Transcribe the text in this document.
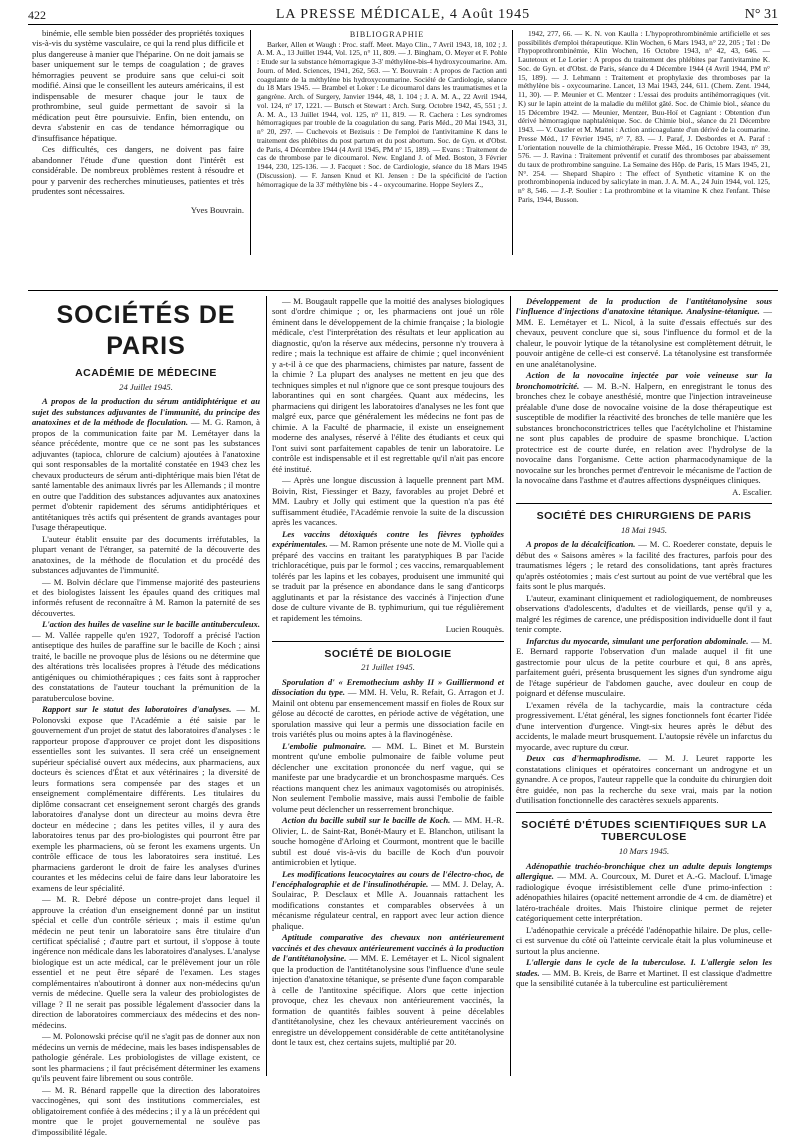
422	LA PRESSE MÉDICALE, 4 Août 1945	N° 31

binémie, elle semble bien posséder des propriétés toxiques vis-à-vis du système vasculaire, ce qui la rend plus difficile et plus dangereuse à manier que l'héparine. On ne doit jamais se baser uniquement sur le temps de coagulation ; de graves hémorragies peuvent se produire sans que celui-ci soit modifié. Ainsi que le conseillent les auteurs américains, il est indispensable de mesurer chaque jour le taux de prothrombine, seul guide permettant de savoir si la médication peut être poursuivie. Enfin, bien entendu, on devra s'abstenir en cas de tendance hémorragique ou d'insuffisance hépatique.

Ces difficultés, ces dangers, ne doivent pas faire abandonner l'étude d'une question dont l'intérêt est considérable. De nombreux problèmes restent à résoudre et pour y parvenir des recherches minutieuses, patientes et très prudentes sont nécessaires.

Yves Bouvrain.

BIBLIOGRAPHIE

Barker, Allen et Waugh : Proc. staff. Meet. Mayo Clin., 7 Avril 1943, 18, 102 ; J. A. M. A., 13 Juillet 1944, Vol. 125, n° 11, 809. — J. Bingham, O. Meyer et F. Pohle : Etude sur la substance hémorragique 3-3' méthylène-bis-4 hydroxycoumarine. Am. Journ. of Med. Sciences, 1941, 262, 563. — Y. Bouvrain : A propos de l'action anti coagulante de la méthylène bis hydroxycoumarine. Société de Cardiologie, séance du 18 Mars 1945. — Brambel et Loker : Le dicoumarol dans les traumatismes et la gangrène. Arch. of Surgery, Janvier 1944, 48, 1. 104 ; J. A. M. A., 22 Avril 1944, vol. 124, n° 17, 1221. — Butsch et Stewart : Arch. Surg. Octobre 1942, 45, 551 ; J. A. M. A., 13 Juillet 1944, vol. 125, n° 11, 819. — R. Cachera : Les syndromes hémorragiques par trouble de la coagulation du sang. Paris Méd., 20 Mai 1943, 31, n° 20, 297. — Cuchevois et Bezisuis : De l'emploi de l'antivitamine K dans le traitement des phlébites du post partum et du post abortum. Soc. de Gyn. et d'Obst. de Paris, 4 Décembre 1944 (4 Avril 1945, PM n° 15, 189). — Evans : Traitement de cas de thrombose par le dicoumarol. New. England J. of Med. Boston, 3 Février 1944, 230, 125-136. — J. Facquet : Soc. de Cardiologie, séance du 18 Mars 1945 (Discussion). — F. Jansen Knud et Kl. Jensen : De la spécificité de l'action hémorragique de la 33' méthylène bis - 4 - oxycoumarine. Hoppe Seylers Z.,

1942, 277, 66. — K. N. von Kaulla : L'hypoprothrombinémie artificielle et ses possibilités d'emploi thérapeutique. Klin Wochen, 6 Mars 1943, n° 22, 205 ; Tel : De l'hypoprothrombinémie, Klin Wochen, 16 Octobre 1943, n° 42, 43, 646. — Lautetoux et Le Lorier : A propos du traitement des phlébites par l'antivitamine K. Soc. de Gyn. et d'Obst. de Paris, séance du 4 Décembre 1944 (4 Avril 1944, PM n° 15, 189). — J. Lehmann : Traitement et prophylaxie des thromboses par la méthylène bis - oxycoumarine. Lancet, 13 Mai 1943, 244, 611. (Chem. Zent. 1944, 11, 30). — P. Meunier et C. Mentzer : L'essai des produits antihémorragiques (vit. K) sur le lapin atteint de la maladie du mélilot gâté. Soc. de Chimie biol., séance du 15 Décembre 1942. — Meunier, Mentzer, Buu-Hoï et Cagniant : Obtention d'un dérivé hémorragique naphtalénique. Soc. de Chimie biol., séance du 21 Décembre 1943. — V. Oastler et M. Mattei : Action anticoagulante d'un dérivé de la coumarine. Presse Méd., 17 Février 1945, n° 7, 83. — J. Paraf, J. Desbordes et A. Paraf : L'orientation nouvelle de la chimiothérapie. Presse Méd., 16 Octobre 1943, n° 39, 576. — J. Ravina : Traitement préventif et curatif des thromboses par abaissement du taux de prothrombine sanguine. La Semaine des Hôp. de Paris, 15 Mars 1945, 21, N°. 254. — Shepard Shapiro : The effect of Synthetic vitamine K on the prothrombinopenia induced by salicylate in man. J. A. M. A., 24 Juin 1944, vol. 125, n° 8, 546. — J.-P. Soulier : La prothrombine et la vitamine K chez l'enfant. Thèse Paris, 1944, Busson.

SOCIÉTÉS DE PARIS
ACADÉMIE DE MÉDECINE
24 Juillet 1945.

A propos de la production du sérum antidiphtérique et au sujet des substances adjuvantes de l'immunité, du principe des anatoxines et de la méthode de floculation. — M. G. Ramon, à propos de la communication faite par M. Lemétayer dans la séance précédente, montre que ce ne sont pas les substances adjuvantes (tapioca, chlorure de calcium) ajoutées à l'anatoxine qui sont responsables de la mortalité constatée en 1943 chez les chevaux producteurs de sérum anti-diphtérique mais bien l'état de santé lamentable des animaux livrés par les Allemands ; il montre en outre que l'addition des substances adjuvantes aux anatoxines permet d'obtenir rapidement des sérums antidiphtériques et antitétaniques très actifs qui présentent de grands avantages pour l'usage thérapeutique.

L'auteur établit ensuite par des documents irréfutables, la plupart venant de l'étranger, sa paternité de la découverte des anatoxines, de la méthode de floculation et du procédé des substances adjuvantes de l'immunité.

— M. Bolvin déclare que l'immense majorité des pasteuriens et des biologistes laissent les épaules quand des critiques mal informés refusent de reconnaître à M. Ramon la paternité de ses découvertes.

L'action des huiles de vaseline sur le bacille antituberculeux. — M. Vallée rappelle qu'en 1927, Todoroff a précisé l'action antiseptique des huiles de paraffine sur le bacille de Koch ; ainsi traité, le bacille ne provoque plus de lésions ou ne détermine que des altérations très localisées propres à l'étude des médications antigéniques ou chimiothérapiques ; ces faits sont à rapprocher des constatations de l'auteur touchant la prémunition de la paratuberculose bovine.

Rapport sur le statut des laboratoires d'analyses. — M. Polonovski expose que l'Académie a été saisie par le gouvernement d'un projet de statut des laboratoires d'analyses : le rapporteur propose d'approuver ce projet dont les dispositions essentielles sont les suivantes. Il sera créé un enseignement supérieur spécialisé ouvert aux médecins, aux pharmaciens, aux docteurs ès sciences d'État et aux vétérinaires ; la diversité de leurs formations sera compensée par des stages et un enseignement complémentaire différents. Les titulaires du diplôme consacrant cet enseignement seront chargés des grands laboratoires d'analyse dont un directeur au moins devra être docteur en médecine ; dans les petites villes, il y aura des laboratoires tenus par des pro-biologistes qui pourront être par exemple les pharmaciens, où se feront les examens urgents. Un contrôle efficace de tous les laboratoires sera institué. Les pharmaciens garderont le droit de faire les analyses d'urines courantes et les médecins celui de faire dans leur laboratoire les examens de leur spécialité.

— M. R. Debré dépose un contre-projet dans lequel il approuve la création d'un enseignement donné par un institut spécial et celle d'un contrôle sérieux ; mais il estime qu'un médecin ne peut tenir un laboratoire sans être titulaire d'un certificat spécialisé ; d'autre part et surtout, il s'oppose à toute ingérence non médicale dans les laboratoires d'analyses. L'analyse biologique est un acte médical, car le prélèvement jour un rôle essentiel et ne peut être séparé de l'examen. Les stages complémentaires n'aboutiront à donner aux non-médecins qu'un vernis de médecine. Quelle sera la valeur des probiologistes de village ? Il ne serait pas possible légalement d'associer dans la direction de laboratoires commerciaux des médecins et des non-médecins.

— M. Polonowski précise qu'il ne s'agit pas de donner aux non médecins un vernis de médecine, mais les bases indispensables de pathologie générale. Les probiologistes de village existent, ce sont les pharmaciens ; il faut précisément déterminer les examens qu'ils peuvent faire librement ou sous contrôle.

— M. R. Bénard rappelle que la direction des laboratoires vaccinogènes, qui sont des institutions commerciales, est obligatoirement confiée à des médecins ; il y a là un précédent qui montre que le projet gouvernemental ne soulève pas d'impossibilité légale.

— M. Bougault rappelle que la moitié des analyses biologiques sont d'ordre chimique ; or, les pharmaciens ont joué un rôle éminent dans le développement de la chimie française ; la biologie médicale, c'est l'interprétation des résultats et leur application au diagnostic, qu'on la réserve aux médecins, personne n'y trouvera à redire ; mais la technique est affaire de chimie ; quel inconvénient y a-t-il à ce que des pharmaciens, chimistes par nature, fassent de la chimie ? La plupart des analyses ne mettent en jeu que des techniques simples et nul n'ignore que ce sont presque toujours des laborantines qui en sont chargées. Quant aux médecins, les pharmaciens qui dirigent les laboratoires d'analyses ne les font que malgré eux, parce que généralement les médecins ne font pas de chimie. A la Faculté de pharmacie, il existe un enseignement moderne des analyses, réservé à l'élite des étudiants et ceux qui l'ont suivi sont parfaitement capables de tenir un laboratoire. Le contrôle est indispensable et il est regrettable qu'il n'ait pas encore été institué.

— Après une longue discussion à laquelle prennent part MM. Boivin, Rist, Fiessinger et Bazy, favorables au projet Debré et MM. Laubry et Jolly qui estiment que la question n'a pas été suffisamment étudiée, l'Académie renvoie la suite de la discussion après les vacances.

Les vaccins détoxiqués contre les fièvres typhoïdes expérimentales. — M. Ramon présente une note de M. Violle qui a préparé des vaccins en traitant les paratyphiques B par l'acide trichloracétique, puis par le formol ; ces vaccins, remarquablement tolérés par les lapins et les cobayes, produisent une immunité qui se traduit par la présence en abondance dans le sang d'anticorps agglutinants et par la résistance des vaccinés à l'injection d'une dose de culture vivante de B. typhimurium, qui tue régulièrement et rapidement les témoins.

Lucien Rouquès.

SOCIÉTÉ DE BIOLOGIE
21 Juillet 1945.

Sporulation d' « Eremothecium ashby II » Guilliermond et dissociation du type. — MM. H. Velu, R. Refait, G. Arragon et J. Mainil ont obtenu par ensemencement massif en fioles de Roux sur gélose au décocté de carottes, en période active de végétation, une sporulation massive qui leur a permis une dissociation facile en trois variétés plus ou moins aptes à la flavinogénèse.

L'embolie pulmonaire. — MM. L. Binet et M. Burstein montrent qu'une embolie pulmonaire de faible volume peut déclencher une excitation prononcée du nerf vague, qui se manifeste par une bradycardie et un bronchospasme marqués. Ces réactions manquent chez les animaux vagotomisés ou atropinisés. Non seulement l'embolie massive, mais aussi l'embolie de faible volume peut déclencher un resserrement bronchique.

Action du bacille subtil sur le bacille de Koch. — MM. H.-R. Olivier, L. de Saint-Rat, Bonét-Maury et E. Blanchon, utilisant la souche homogène d'Arloing et Courmont, montrent que le bacille subtil est doué vis-à-vis du bacille de Koch d'un pouvoir antimicrobien et lytique.

Les modifications leucocytaires au cours de l'électro-choc, de l'encéphalographie et de l'insulinothérapie. — MM. J. Delay, A. Soulairac, P. Desclaux et Mlle A. Jouannais rattachent les modifications constantes et comparables observées à un mécanisme régulateur central, en rapport avec leur action dience phalique.

Aptitude comparative des chevaux non antérieurement vaccinés et des chevaux antérieurement vaccinés à la production de l'antitétanolysine. — MM. E. Lemétayer et L. Nicol signalent que la production de l'antitétanolysine sous l'influence d'une seule injection d'anatoxine tétanique, se présente d'une façon comparable à celle de l'antitoxine spécifique. Alors que cette injection provoque, chez les chevaux non antérieurement vaccinés, la formation de quantités faibles souvent à peine décelables d'antitétanolysine, chez les chevaux antérieurement vaccinés on enregistre un développement considérable de cette antitétanolysine dont le taux est, chez certains sujets, multiplié par 20.

Développement de la production de l'antitétanolysine sous l'influence d'injections d'anatoxine tétanique. Analysine-tétanique. — MM. E. Lemétayer et L. Nicol, à la suite d'essais effectués sur des chevaux, peuvent conclure que si, sous l'influence du formol et de la chaleur, le pouvoir lytique de la tétanolysine est complètement détruit, le pouvoir antigène de celle-ci est conservé. La tétanolysine est transformée en une analétanolysine.

Action de la novocaïne injectée par voie veineuse sur la bronchomotricité. — M. B.-N. Halpern, en enregistrant le tonus des bronches chez le cobaye anesthésié, montre que l'injection intraveineuse préalable d'une dose de novocaïne voisine de la dose thérapeutique est susceptible de modifier la réactivité des bronches de telle manière que les substances bronchoconstrictrices telles que l'acétylcholine et l'histamine ne sont plus capables de produire de spasme bronchique. L'action protectrice est de courte durée, en relation avec l'hydrolyse de la novocaïne dans l'organisme. Cette action pharmacodynamique de la novocaïne sur les bronches permet d'entrevoir le mécanisme de l'action de la novocaïne dans l'asthme et d'autres affections dyspnéiques cliniques.

A. Escalier.

SOCIÉTÉ DES CHIRURGIENS DE PARIS
18 Mai 1945.

A propos de la décalcification. — M. C. Roederer constate, depuis le début des « Saisons amères » la facilité des fractures, parfois pour des traumatismes légers ; le retard des consolidations, tant après fractures qu'après ostéotomies ; mais c'est surtout au point de vue vertébral que les faits sont le plus marqués.

L'auteur, examinant cliniquement et radiologiquement, de nombreuses observations d'adolescents, d'adultes et de vieillards, pense qu'il y a, malgré les régimes de carence, une prédisposition individuelle dont il faut tenir compte.

Infarctus du myocarde, simulant une perforation abdominale. — M. E. Bernard rapporte l'observation d'un malade auquel il fit une gastrectomie pour ulcus de la petite courbure et qui, 8 ans après, parfaitement guéri, présenta brusquement les signes d'un syndrome aigu de l'étage supérieur de l'abdomen gauche, avec douleur en coup de poignard et défense musculaire.

L'examen révéla de la tachycardie, mais la contracture céda progressivement. L'état général, les signes fonctionnels font écarter l'idée d'une intervention d'urgence. Vingt-six heures après le début des accidents, le malade meurt brusquement. L'autopsie révèle un infarctus du myocarde, avec rupture du cœur.

Deux cas d'hermaphrodisme. — M. J. Leuret rapporte les constatations cliniques et opératoires concernant un androgyne et un gynandre. A ce propos, l'auteur rappelle que la conduite du chirurgien doit être guidée, non pas la recherche du sexe vrai, mais par la notion d'utilisation fonctionnelle des caractères sexuels apparents.

SOCIÉTÉ D'ÉTUDES SCIENTIFIQUES SUR LA TUBERCULOSE
10 Mars 1945.

Adénopathie trachéo-bronchique chez un adulte depuis longtemps allergique. — MM. A. Courcoux, M. Duret et A.-G. Maclouf. L'image radiologique évoque irrésistiblement celle d'une primo-infection : adénopathies hilaires (opacité nettement arrondie de 4 cm. de diamètre) et latéro-trachéale droites. Mais l'histoire clinique permet de rejeter catégoriquement cette interprétation.

L'adénopathie cervicale a précédé l'adénopathie hilaire. De plus, celle-ci est survenue du côté où l'atteinte cervicale était la plus volumineuse et surtout la plus ancienne.

L'allergie dans le cycle de la tuberculose. I. L'allergie selon les stades. — MM. B. Kreis, de Barre et Martinet. Il est classique d'admettre que la sensibilité cutanée à la tuberculine est particulièrement
